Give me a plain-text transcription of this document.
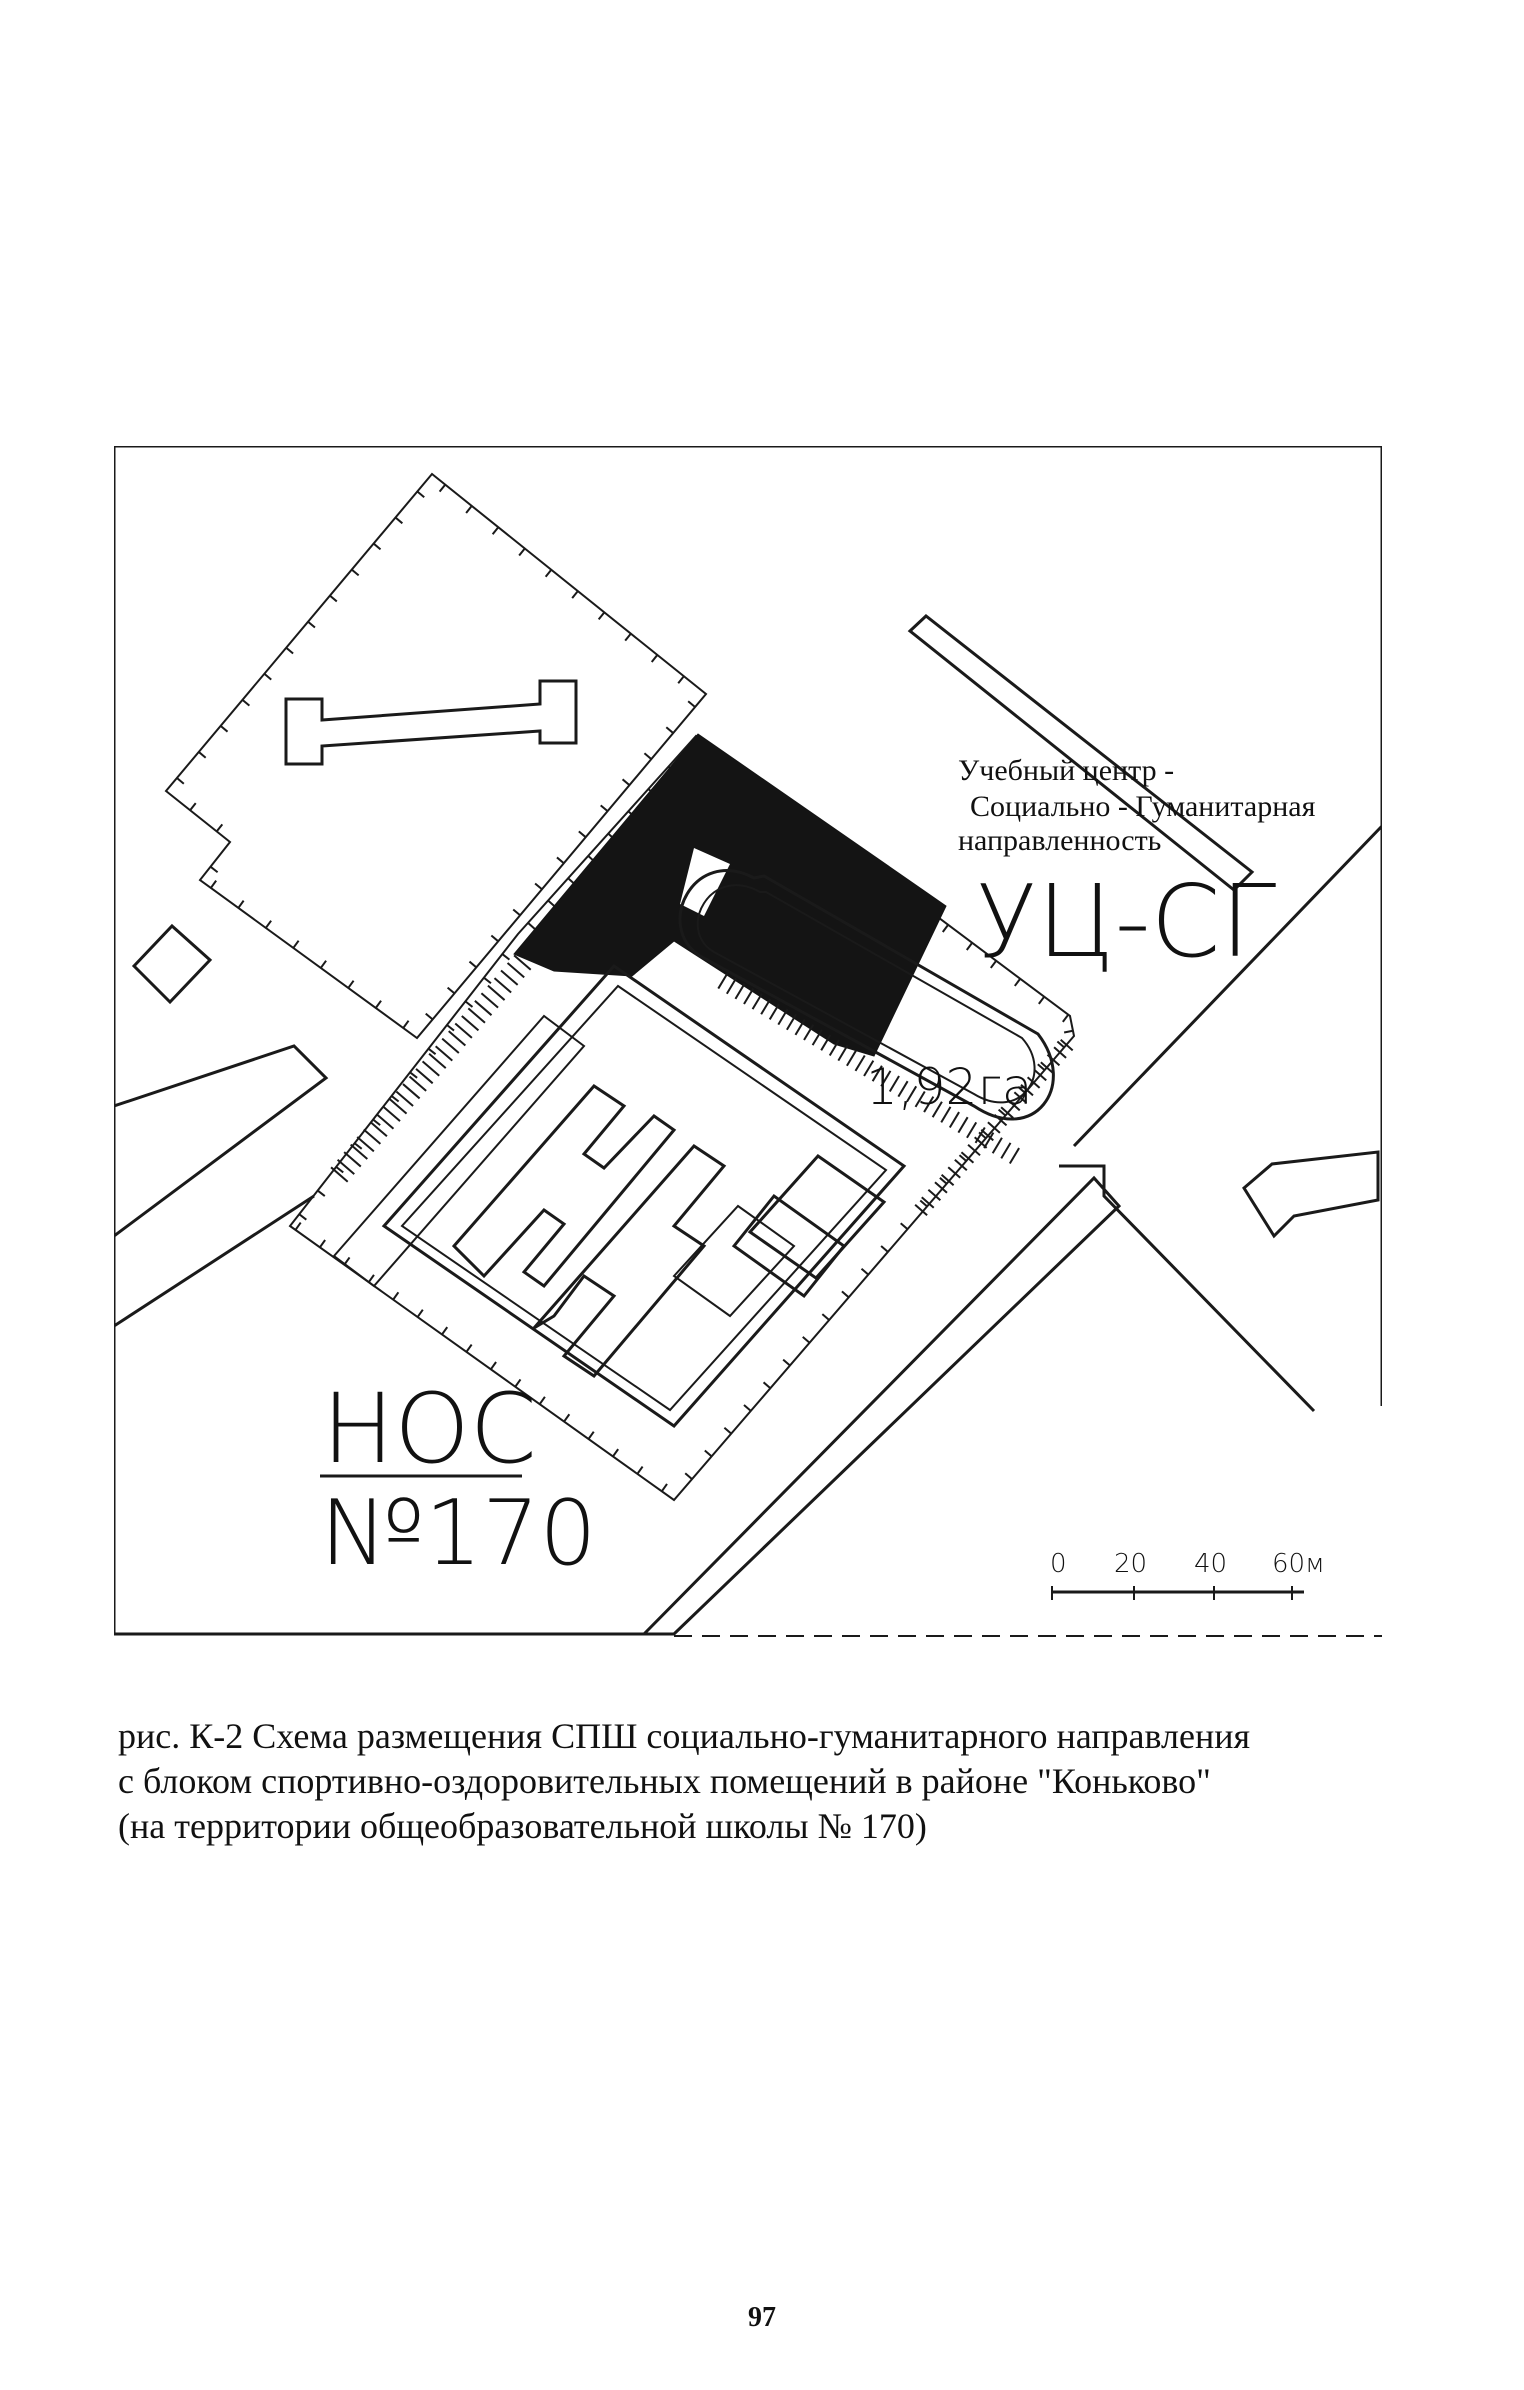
Учебный центр -
Социально - Гуманитарная
направленность
УЦ-СГ
1,92га
НОС
№170	0 20 40 60м
рис. К-2 Схема размещения СПШ социально-гуманитарного направления
с блоком спортивно-оздоровительных помещений в районе "Коньково"
(на территории общеобразовательной школы № 170)
97
